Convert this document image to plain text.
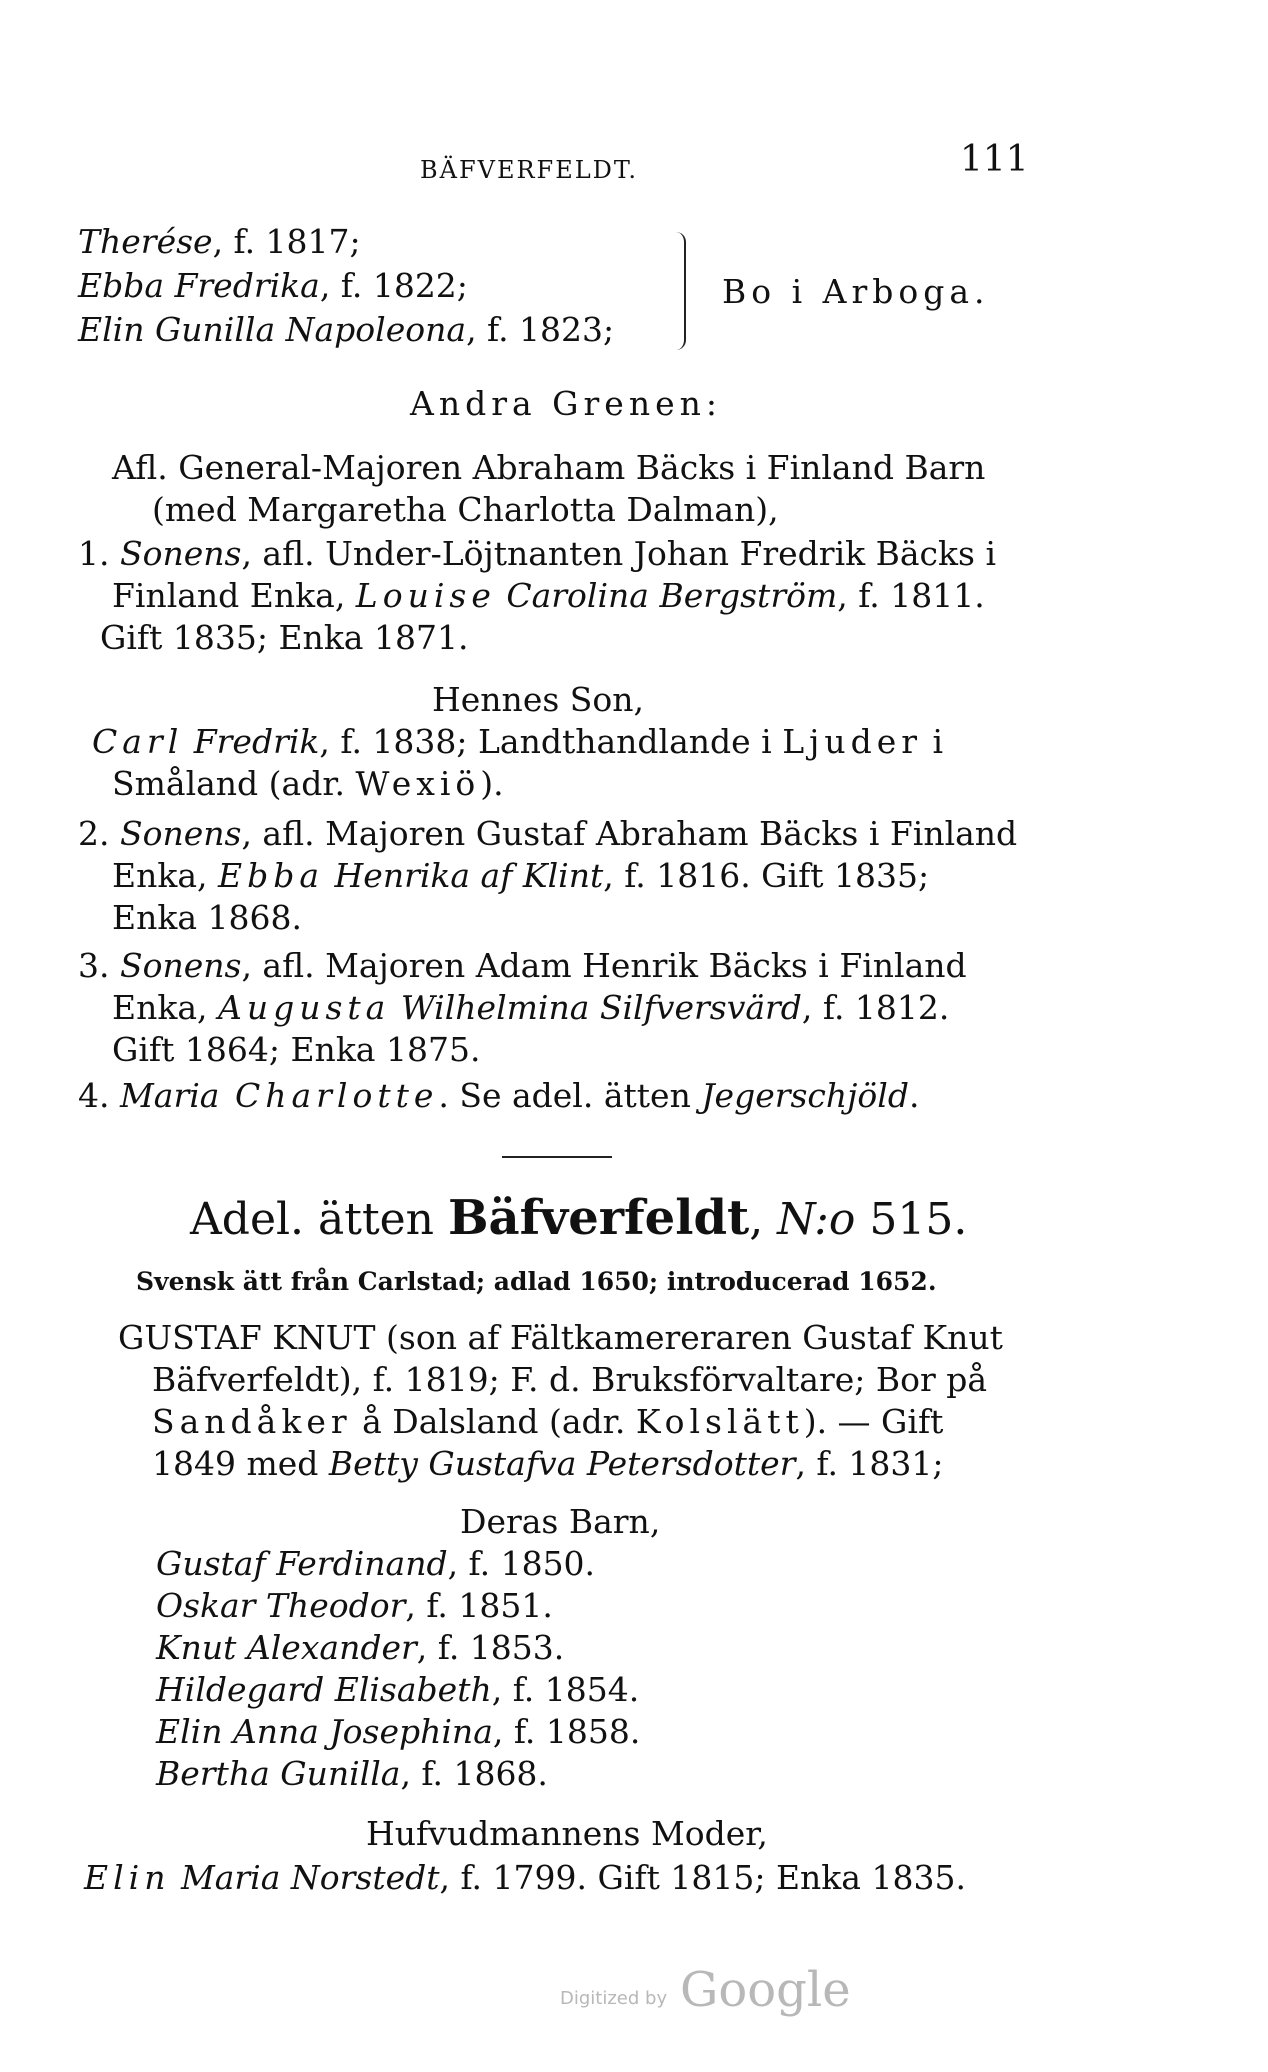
BÄFVERFELDT.	111
Therése, f. 1817;
Ebba Fredrika, f. 1822;
Elin Gunilla Napoleona, f. 1823;
Bo i Arboga.
Andra Grenen:
Afl. General-Majoren Abraham Bäcks i Finland Barn
(med Margaretha Charlotta Dalman),
1. Sonens, afl. Under-Löjtnanten Johan Fredrik Bäcks i
Finland Enka, Louise Carolina Bergström, f. 1811.
Gift 1835; Enka 1871.
Hennes Son,
Carl Fredrik, f. 1838; Landthandlande i Ljuder i
Småland (adr. Wexiö).
2. Sonens, afl. Majoren Gustaf Abraham Bäcks i Finland
Enka, Ebba Henrika af Klint, f. 1816. Gift 1835;
Enka 1868.
3. Sonens, afl. Majoren Adam Henrik Bäcks i Finland
Enka, Augusta Wilhelmina Silfversvärd, f. 1812.
Gift 1864; Enka 1875.
4. Maria Charlotte. Se adel. ätten Jegerschjöld.
Adel. ätten Bäfverfeldt, N:o 515.
Svensk ätt från Carlstad; adlad 1650; introducerad 1652.
GUSTAF KNUT (son af Fältkamereraren Gustaf Knut
Bäfverfeldt), f. 1819; F. d. Bruksförvaltare; Bor på
Sandåker å Dalsland (adr. Kolslätt). — Gift
1849 med Betty Gustafva Petersdotter, f. 1831;
Deras Barn,
Gustaf Ferdinand, f. 1850.
Oskar Theodor, f. 1851.
Knut Alexander, f. 1853.
Hildegard Elisabeth, f. 1854.
Elin Anna Josephina, f. 1858.
Bertha Gunilla, f. 1868.
Hufvudmannens Moder,
Elin Maria Norstedt, f. 1799. Gift 1815; Enka 1835.
Digitized by Google
